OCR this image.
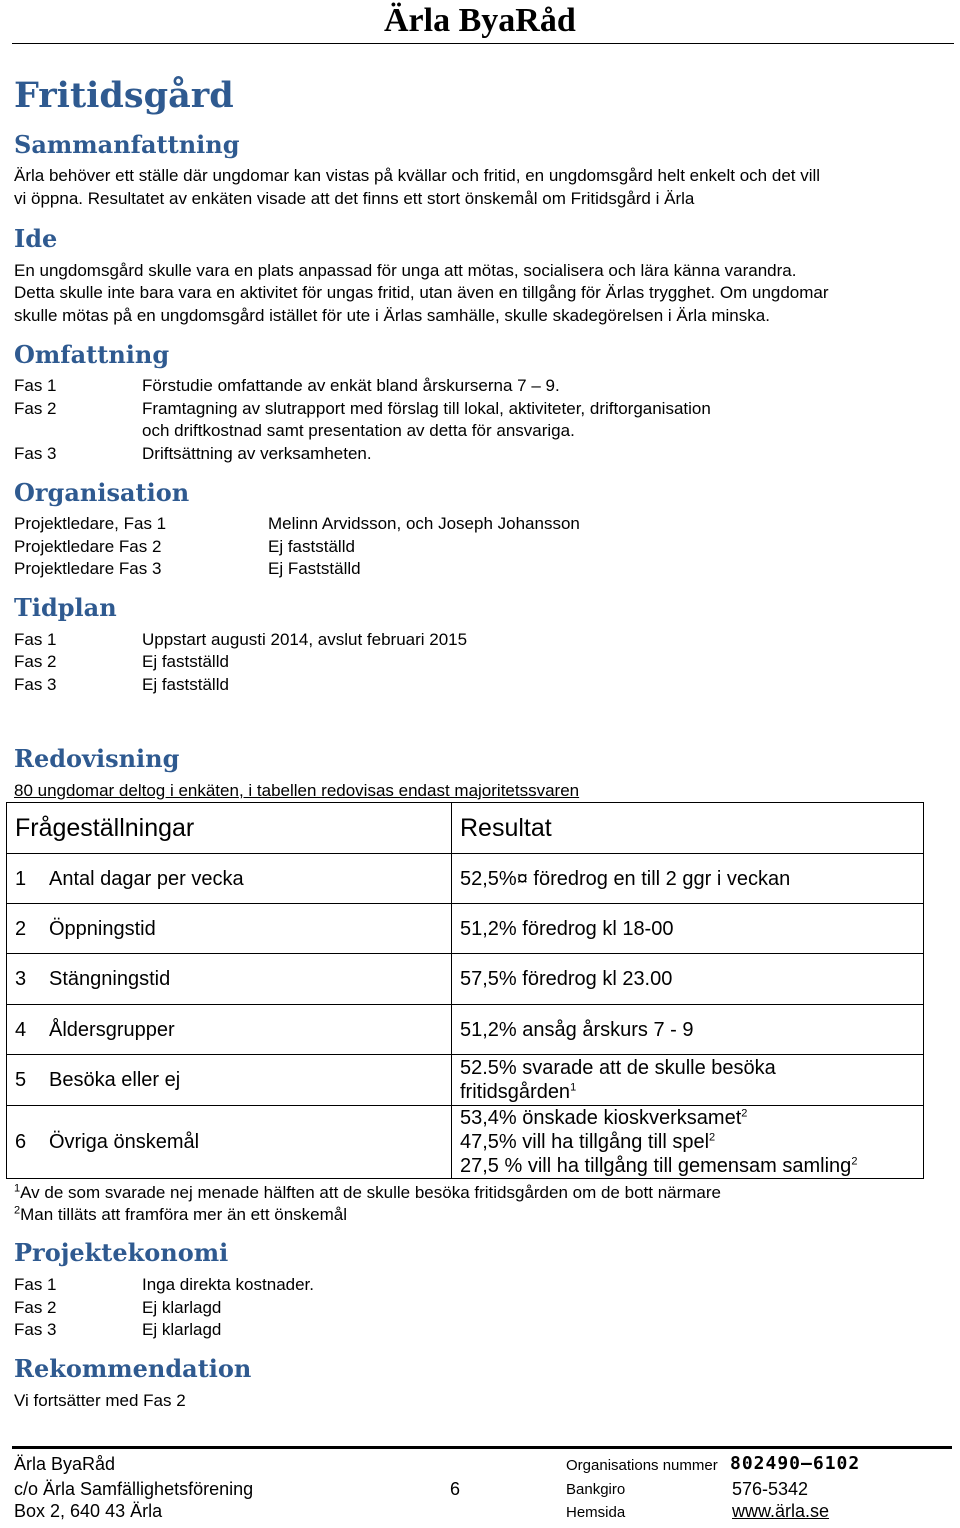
Ärla ByaRåd
Fritidsgård
Sammanfattning
Ärla behöver ett ställe där ungdomar kan vistas på kvällar och fritid, en ungdomsgård helt enkelt och det vill
vi öppna. Resultatet av enkäten visade att det finns ett stort önskemål om Fritidsgård i Ärla
Ide
En ungdomsgård skulle vara en plats anpassad för unga att mötas, socialisera och lära känna varandra.
Detta skulle inte bara vara en aktivitet för ungas fritid, utan även en tillgång för Ärlas trygghet. Om ungdomar
skulle mötas på en ungdomsgård istället för ute i Ärlas samhälle, skulle skadegörelsen i Ärla minska.
Omfattning
Fas 1	Förstudie omfattande av enkät bland årskurserna 7 – 9.
Fas 2	Framtagning av slutrapport med förslag till lokal, aktiviteter, driftorganisation
och driftkostnad samt presentation av detta för ansvariga.
Fas 3	Driftsättning av verksamheten.
Organisation
Projektledare, Fas 1	Melinn Arvidsson, och Joseph Johansson
Projektledare Fas 2	Ej fastställd
Projektledare Fas 3	Ej Fastställd
Tidplan
Fas 1	Uppstart augusti 2014, avslut februari 2015
Fas 2	Ej fastställd
Fas 3	Ej fastställd
Redovisning
80 ungdomar deltog i enkäten, i tabellen redovisas endast majoritetssvaren
Frågeställningar	Resultat
1 Antal dagar per vecka	52,5%¤ föredrog en till 2 ggr i veckan
2 Öppningstid	51,2% föredrog kl 18-00
3 Stängningstid	57,5% föredrog kl 23.00
4 Åldersgrupper	51,2% ansåg årskurs 7 - 9
5 Besöka eller ej	52.5% svarade att de skulle besöka
fritidsgården$^1$
6 Övriga önskemål	53,4% önskade kioskverksamet$^2$
47,5% vill ha tillgång till spel$^2$
27,5 % vill ha tillgång till gemensam samling$^2$
$^1$Av de som svarade nej menade hälften att de skulle besöka fritidsgården om de bott närmare
$^2$Man tilläts att framföra mer än ett önskemål
Projektekonomi
Fas 1	Inga direkta kostnader.
Fas 2	Ej klarlagd
Fas 3	Ej klarlagd
Rekommendation
Vi fortsätter med Fas 2
Ärla ByaRåd
c/o Ärla Samfällighetsförening
Box 2, 640 43 Ärla
6
Organisations nummer 802490–6102
Bankgiro	576-5342
Hemsida	www.ärla.se
